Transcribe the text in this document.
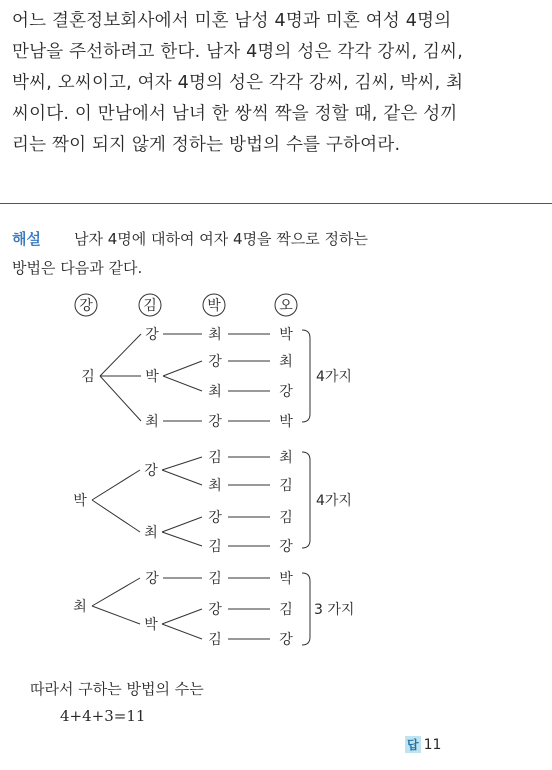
어느 결혼정보회사에서 미혼 남성 4명과 미혼 여성 4명의
만남을 주선하려고 한다. 남자 4명의 성은 각각 강씨, 김씨,
박씨, 오씨이고, 여자 4명의 성은 각각 강씨, 김씨, 박씨, 최
씨이다. 이 만남에서 남녀 한 쌍씩 짝을 정할 때, 같은 성끼
리는 짝이 되지 않게 정하는 방법의 수를 구하여라.
해설 남자 4명에 대하여 여자 4명을 짝으로 정하는
방법은 다음과 같다.
강	김	박	오
김
강
박
최
최
강
최
강
박
최
강
박
박
강
최
김
최
강
김
최
김
김
강
최
강
박
김
강
김
박
김
강
4가지
4가지
3 가지
따라서 구하는 방법의 수는
4+4+3=11
답 11
